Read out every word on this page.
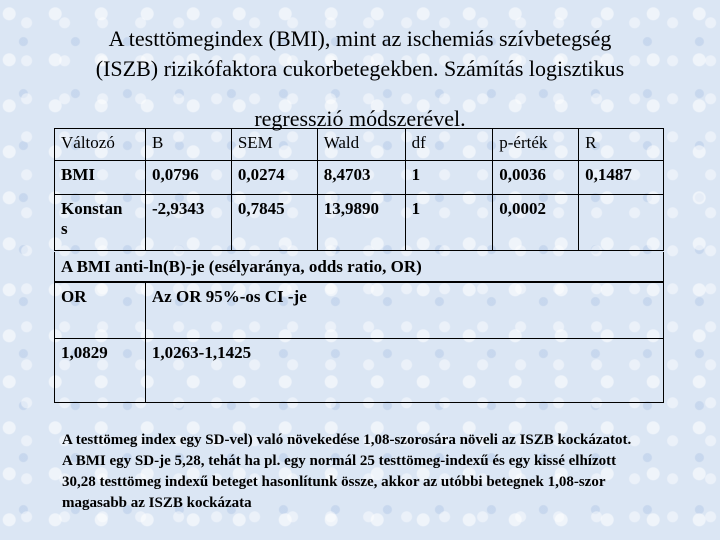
A testtömegindex (BMI), mint az ischemiás szívbetegség
(ISZB) rizikófaktora cukorbetegekben. Számítás logisztikus
regresszió módszerével.
Változó	B	SEM	Wald	df	p-érték	R
BMI	0,0796	0,0274	8,4703	1	0,0036	0,1487
Konstan s	-2,9343	0,7845	13,9890	1	0,0002	
A BMI anti-ln(B)-je (esélyaránya, odds ratio, OR)
OR	Az OR 95%-os CI -je

1,0829	1,0263-1,1425
A testtömeg index egy SD-vel) való növekedése 1,08-szorosára növeli az ISZB kockázatot. A BMI egy SD-je 5,28, tehát ha pl. egy normál 25 testtömeg-indexű és egy kissé elhízott 30,28 testtömeg indexű beteget hasonlítunk össze, akkor az utóbbi betegnek 1,08-szor magasabb az ISZB kockázata
